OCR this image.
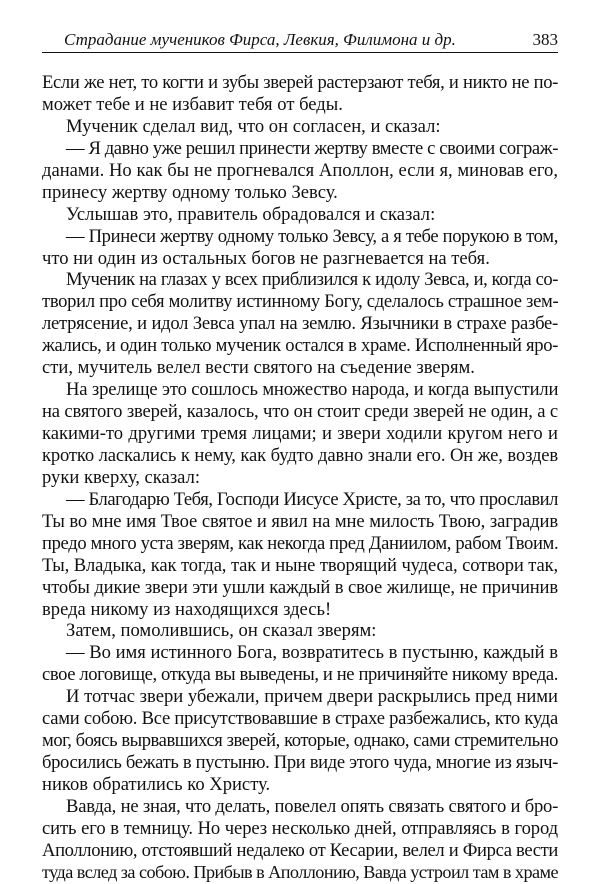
Страдание мучеников Фирса, Левкия, Филимона и др.	383
Если же нет, то когти и зубы зверей растерзают тебя, и никто не по-
может тебе и не избавит тебя от беды.
Мученик сделал вид, что он согласен, и сказал:
— Я давно уже решил принести жертву вместе с своими сограж-
данами. Но как бы не прогневался Аполлон, если я, миновав его,
принесу жертву одному только Зевсу.
Услышав это, правитель обрадовался и сказал:
— Принеси жертву одному только Зевсу, а я тебе порукою в том,
что ни один из остальных богов не разгневается на тебя.
Мученик на глазах у всех приблизился к идолу Зевса, и, когда со-
творил про себя молитву истинному Богу, сделалось страшное зем-
летрясение, и идол Зевса упал на землю. Язычники в страхе разбе-
жались, и один только мученик остался в храме. Исполненный яро-
сти, мучитель велел вести святого на съедение зверям.
На зрелище это сошлось множество народа, и когда выпустили
на святого зверей, казалось, что он стоит среди зверей не один, а с
какими-то другими тремя лицами; и звери ходили кругом него и
кротко ласкались к нему, как будто давно знали его. Он же, воздев
руки кверху, сказал:
— Благодарю Тебя, Господи Иисусе Христе, за то, что прославил
Ты во мне имя Твое святое и явил на мне милость Твою, заградив
предо много уста зверям, как некогда пред Даниилом, рабом Твоим.
Ты, Владыка, как тогда, так и ныне творящий чудеса, сотвори так,
чтобы дикие звери эти ушли каждый в свое жилище, не причинив
вреда никому из находящихся здесь!
Затем, помолившись, он сказал зверям:
— Во имя истинного Бога, возвратитесь в пустыню, каждый в
свое логовище, откуда вы выведены, и не причиняйте никому вреда.
И тотчас звери убежали, причем двери раскрылись пред ними
сами собою. Все присутствовавшие в страхе разбежались, кто куда
мог, боясь вырвавшихся зверей, которые, однако, сами стремительно
бросились бежать в пустыню. При виде этого чуда, многие из языч-
ников обратились ко Христу.
Вавда, не зная, что делать, повелел опять связать святого и бро-
сить его в темницу. Но через несколько дней, отправляясь в город
Аполлонию, отстоявший недалеко от Кесарии, велел и Фирса вести
туда вслед за собою. Прибыв в Аполлонию, Вавда устроил там в храме
